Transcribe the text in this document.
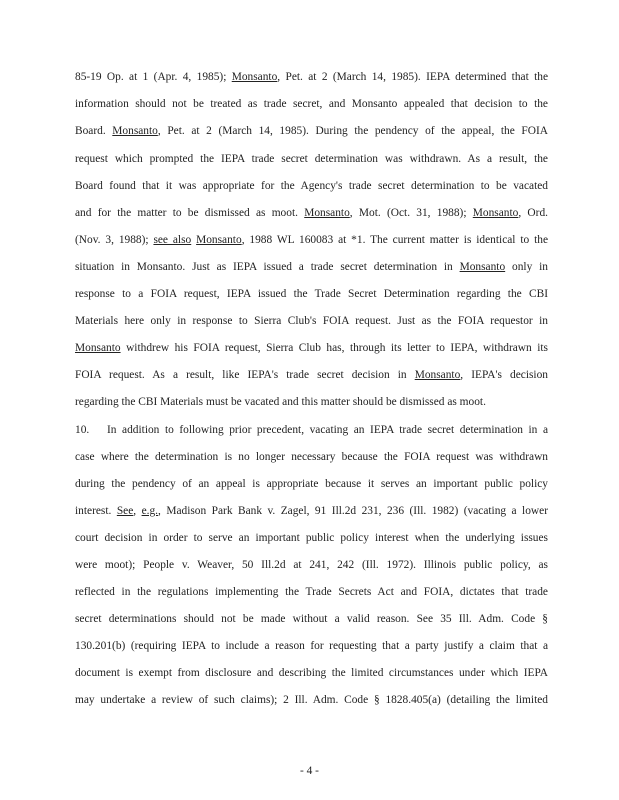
85-19 Op. at 1 (Apr. 4, 1985); Monsanto, Pet. at 2 (March 14, 1985). IEPA determined that the
information should not be treated as trade secret, and Monsanto appealed that decision to the
Board. Monsanto, Pet. at 2 (March 14, 1985). During the pendency of the appeal, the FOIA
request which prompted the IEPA trade secret determination was withdrawn. As a result, the
Board found that it was appropriate for the Agency's trade secret determination to be vacated
and for the matter to be dismissed as moot. Monsanto, Mot. (Oct. 31, 1988); Monsanto, Ord.
(Nov. 3, 1988); see also Monsanto, 1988 WL 160083 at *1. The current matter is identical to the
situation in Monsanto. Just as IEPA issued a trade secret determination in Monsanto only in
response to a FOIA request, IEPA issued the Trade Secret Determination regarding the CBI
Materials here only in response to Sierra Club's FOIA request. Just as the FOIA requestor in
Monsanto withdrew his FOIA request, Sierra Club has, through its letter to IEPA, withdrawn its
FOIA request. As a result, like IEPA's trade secret decision in Monsanto, IEPA's decision
regarding the CBI Materials must be vacated and this matter should be dismissed as moot.
10. In addition to following prior precedent, vacating an IEPA trade secret determination in a
case where the determination is no longer necessary because the FOIA request was withdrawn
during the pendency of an appeal is appropriate because it serves an important public policy
interest. See, e.g., Madison Park Bank v. Zagel, 91 Ill.2d 231, 236 (Ill. 1982) (vacating a lower
court decision in order to serve an important public policy interest when the underlying issues
were moot); People v. Weaver, 50 Ill.2d at 241, 242 (Ill. 1972). Illinois public policy, as
reflected in the regulations implementing the Trade Secrets Act and FOIA, dictates that trade
secret determinations should not be made without a valid reason. See 35 Ill. Adm. Code §
130.201(b) (requiring IEPA to include a reason for requesting that a party justify a claim that a
document is exempt from disclosure and describing the limited circumstances under which IEPA
may undertake a review of such claims); 2 Ill. Adm. Code § 1828.405(a) (detailing the limited
- 4 -
